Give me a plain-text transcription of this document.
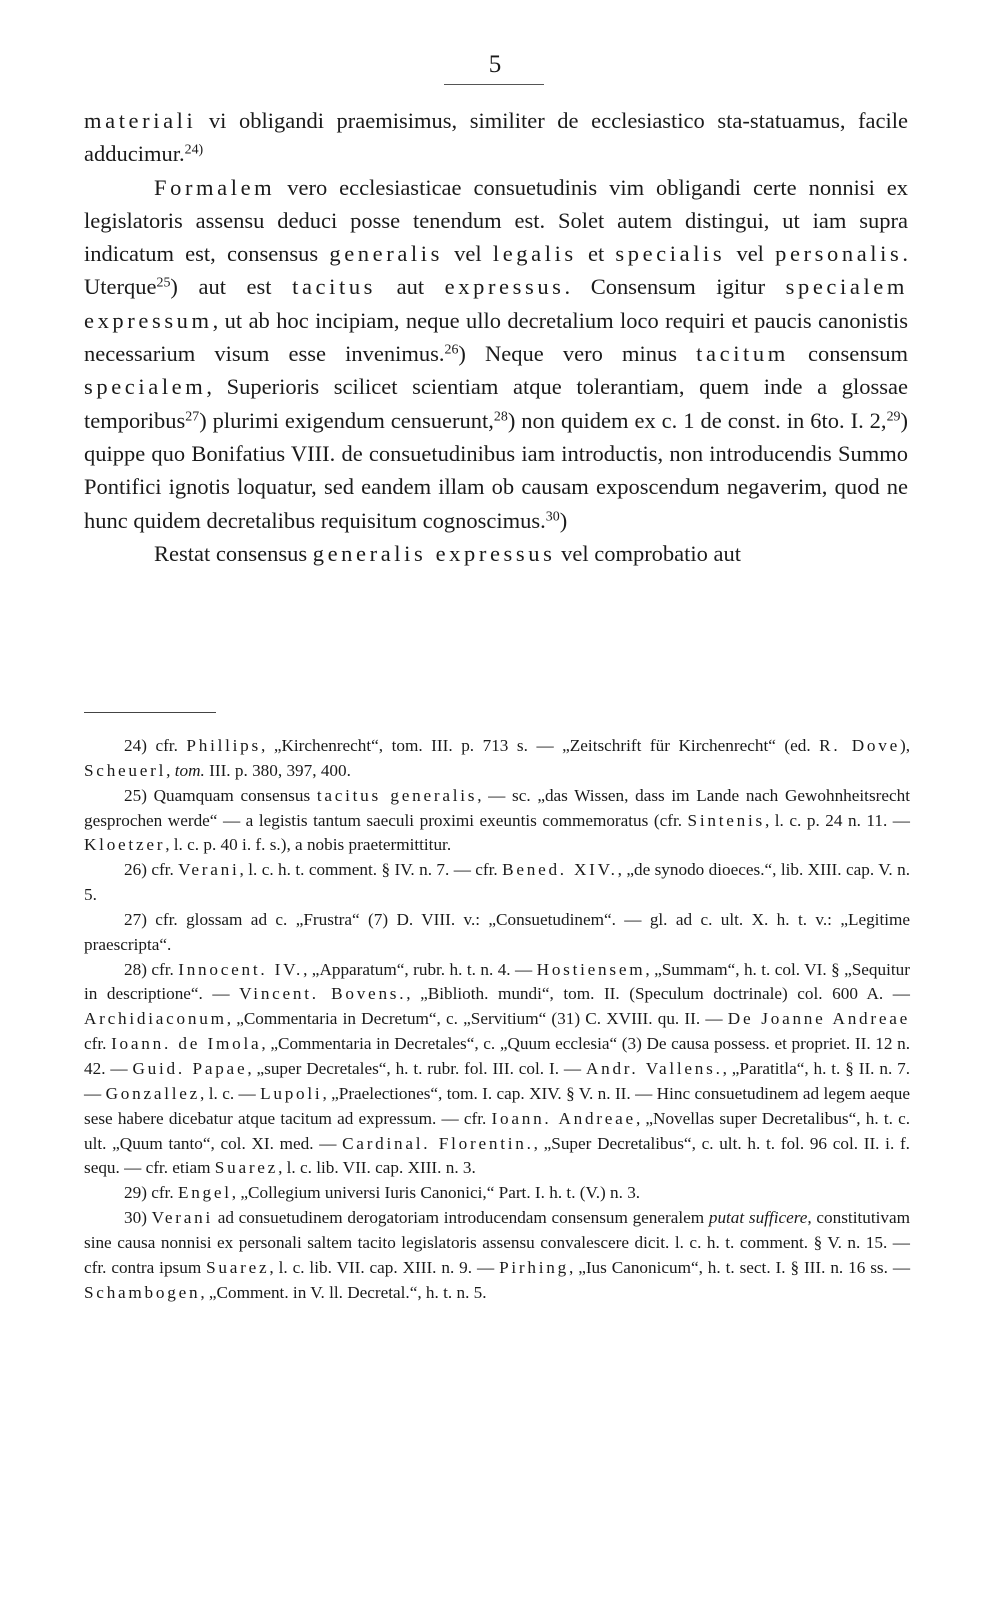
5

materiali vi obligandi praemisimus, similiter de ecclesiastico sta-statuamus, facile adducimur.$^{24)}$

Formalem vero ecclesiasticae consuetudinis vim obligandi certe nonnisi ex legislatoris assensu deduci posse tenendum est. Solet autem distingui, ut iam supra indicatum est, consensus generalis vel legalis et specialis vel personalis. Uterque$^{25}$) aut est tacitus aut expressus. Consensum igitur specialem expressum, ut ab hoc incipiam, neque ullo decretalium loco requiri et paucis canonistis necessarium visum esse invenimus.$^{26}$) Neque vero minus tacitum consensum specialem, Superioris scilicet scientiam atque tolerantiam, quem inde a glossae temporibus$^{27}$) plurimi exigendum censuerunt,$^{28}$) non quidem ex c. 1 de const. in 6to. I. 2,29) quippe quo Bonifatius VIII. de consuetudinibus iam introductis, non introducendis Summo Pontifici ignotis loquatur, sed eandem illam ob causam exposcendum negaverim, quod ne hunc quidem decretalibus requisitum cognoscimus.$^{30}$)

Restat consensus generalis expressus vel comprobatio aut

24) cfr. Phillips, „Kirchenrecht“, tom. III. p. 713 s. — „Zeitschrift für Kirchenrecht“ (ed. R. Dove), Scheuerl, tom. III. p. 380, 397, 400.

25) Quamquam consensus tacitus generalis, — sc. „das Wissen, dass im Lande nach Gewohnheitsrecht gesprochen werde“ — a legistis tantum saeculi proximi exeuntis commemoratus (cfr. Sintenis, l. c. p. 24 n. 11. — Kloetzer, l. c. p. 40 i. f. s.), a nobis praetermittitur.

26) cfr. Verani, l. c. h. t. comment. § IV. n. 7. — cfr. Bened. XIV., „de synodo dioeces.“, lib. XIII. cap. V. n. 5.

27) cfr. glossam ad c. „Frustra“ (7) D. VIII. v.: „Consuetudinem“. — gl. ad c. ult. X. h. t. v.: „Legitime praescripta“.

28) cfr. Innocent. IV., „Apparatum“, rubr. h. t. n. 4. — Hostiensem, „Summam“, h. t. col. VI. § „Sequitur in descriptione“. — Vincent. Bovens., „Biblioth. mundi“, tom. II. (Speculum doctrinale) col. 600 A. — Archidiaconum, „Commentaria in Decretum“, c. „Servitium“ (31) C. XVIII. qu. II. — De Joanne Andreae cfr. Ioann. de Imola, „Commentaria in Decretales“, c. „Quum ecclesia“ (3) De causa possess. et propriet. II. 12 n. 42. — Guid. Papae, „super Decretales“, h. t. rubr. fol. III. col. I. — Andr. Vallens., „Paratitla“, h. t. § II. n. 7. — Gonzallez, l. c. — Lupoli, „Praelectiones“, tom. I. cap. XIV. § V. n. II. — Hinc consuetudinem ad legem aeque sese habere dicebatur atque tacitum ad expressum. — cfr. Ioann. Andreae, „Novellas super Decretalibus“, h. t. c. ult. „Quum tanto“, col. XI. med. — Cardinal. Florentin., „Super Decretalibus“, c. ult. h. t. fol. 96 col. II. i. f. sequ. — cfr. etiam Suarez, l. c. lib. VII. cap. XIII. n. 3.

29) cfr. Engel, „Collegium universi Iuris Canonici,“ Part. I. h. t. (V.) n. 3.

30) Verani ad consuetudinem derogatoriam introducendam consensum generalem putat sufficere, constitutivam sine causa nonnisi ex personali saltem tacito legislatoris assensu convalescere dicit. l. c. h. t. comment. § V. n. 15. — cfr. contra ipsum Suarez, l. c. lib. VII. cap. XIII. n. 9. — Pirhing, „Ius Canonicum“, h. t. sect. I. § III. n. 16 ss. — Schambogen, „Comment. in V. ll. Decretal.“, h. t. n. 5.
